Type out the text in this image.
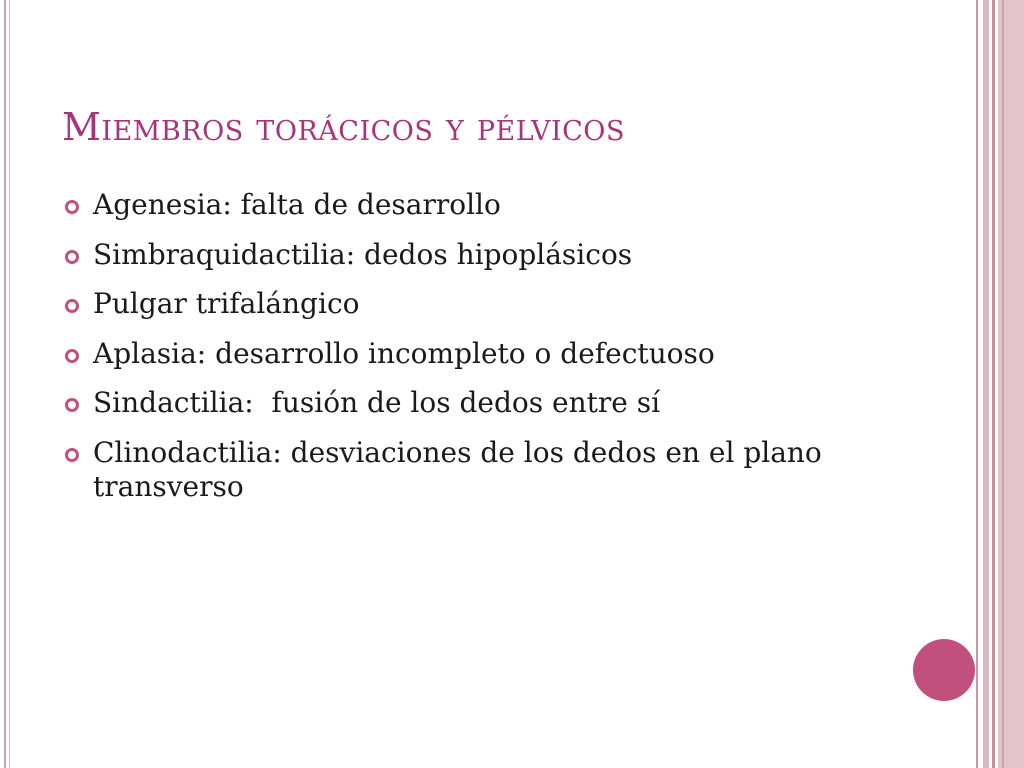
Miembros torácicos y pélvicos
Agenesia: falta de desarrollo
Simbraquidactilia: dedos hipoplásicos
Pulgar trifalángico
Aplasia: desarrollo incompleto o defectuoso
Sindactilia:  fusión de los dedos entre sí
Clinodactilia: desviaciones de los dedos en el plano transverso
